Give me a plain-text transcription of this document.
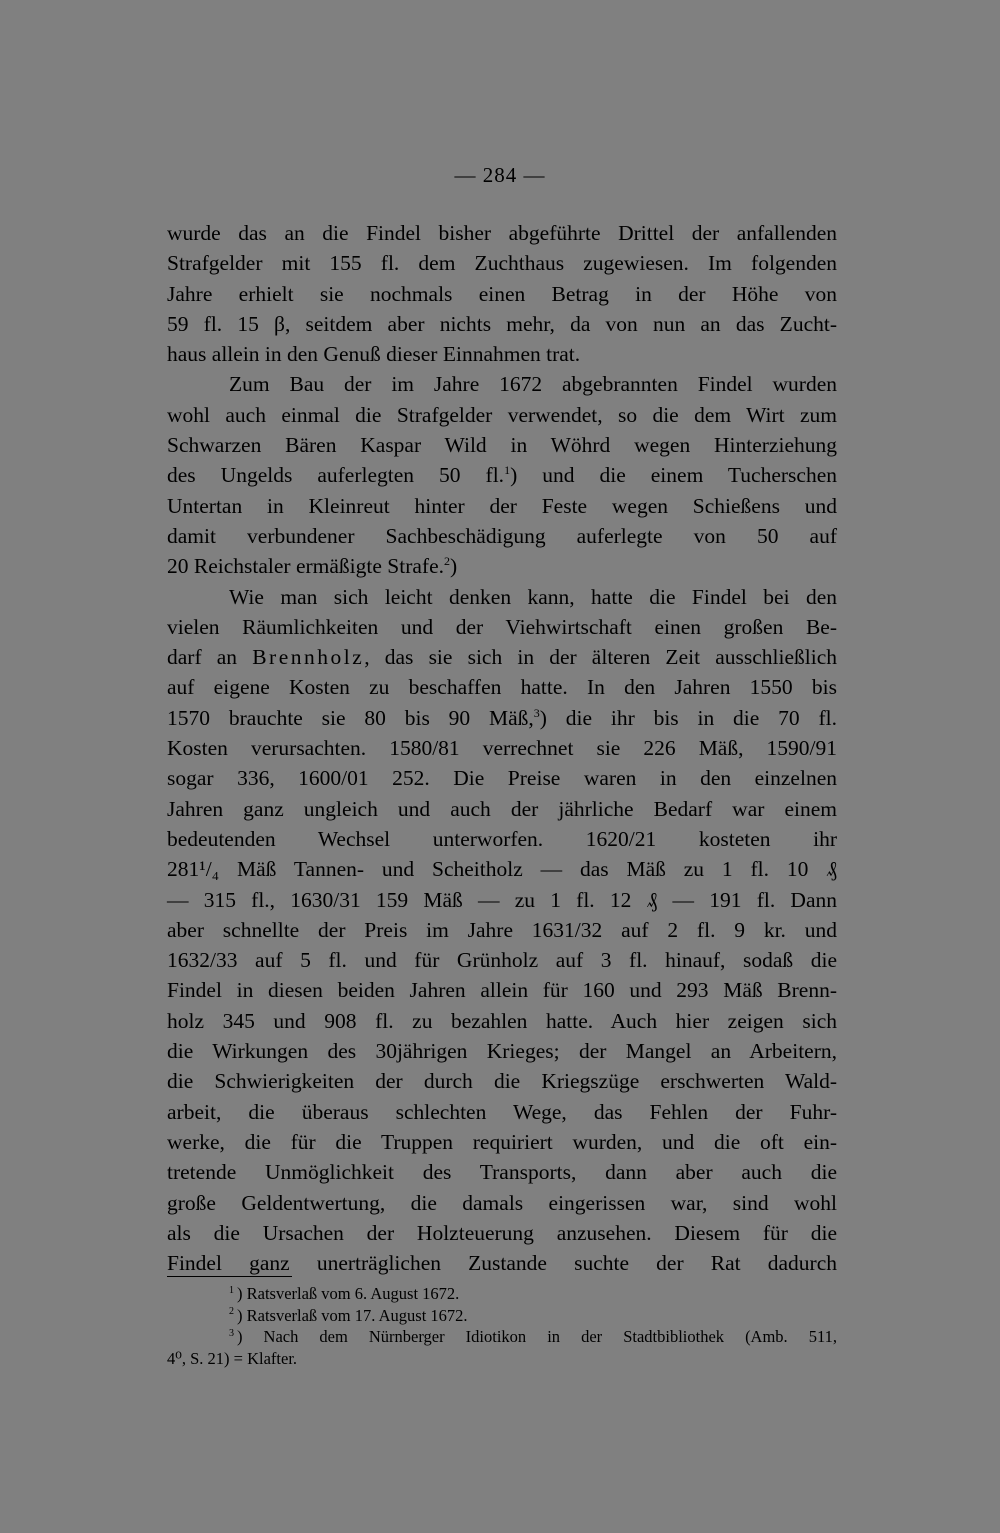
— 284 —
wurde das an die Findel bisher abgeführte Drittel der anfallenden
Strafgelder mit 155 fl. dem Zuchthaus zugewiesen. Im folgenden
Jahre erhielt sie nochmals einen Betrag in der Höhe von
59 fl. 15 β, seitdem aber nichts mehr, da von nun an das Zucht-
haus allein in den Genuß dieser Einnahmen trat.
Zum Bau der im Jahre 1672 abgebrannten Findel wurden
wohl auch einmal die Strafgelder verwendet, so die dem Wirt zum
Schwarzen Bären Kaspar Wild in Wöhrd wegen Hinterziehung
des Ungelds auferlegten 50 fl.$^1$) und die einem Tucherschen
Untertan in Kleinreut hinter der Feste wegen Schießens und
damit verbundener Sachbeschädigung auferlegte von 50 auf
20 Reichstaler ermäßigte Strafe.$^2$)
Wie man sich leicht denken kann, hatte die Findel bei den
vielen Räumlichkeiten und der Viehwirtschaft einen großen Be-
darf an Brennholz, das sie sich in der älteren Zeit ausschließlich
auf eigene Kosten zu beschaffen hatte. In den Jahren 1550 bis
1570 brauchte sie 80 bis 90 Mäß,$^3$) die ihr bis in die 70 fl.
Kosten verursachten. 1580/81 verrechnet sie 226 Mäß, 1590/91
sogar 336, 1600/01 252. Die Preise waren in den einzelnen
Jahren ganz ungleich und auch der jährliche Bedarf war einem
bedeutenden Wechsel unterworfen. 1620/21 kosteten ihr
281¹/₄ Mäß Tannen- und Scheitholz — das Mäß zu 1 fl. 10 ₰
— 315 fl., 1630/31 159 Mäß — zu 1 fl. 12 ₰ — 191 fl. Dann
aber schnellte der Preis im Jahre 1631/32 auf 2 fl. 9 kr. und
1632/33 auf 5 fl. und für Grünholz auf 3 fl. hinauf, sodaß die
Findel in diesen beiden Jahren allein für 160 und 293 Mäß Brenn-
holz 345 und 908 fl. zu bezahlen hatte. Auch hier zeigen sich
die Wirkungen des 30jährigen Krieges; der Mangel an Arbeitern,
die Schwierigkeiten der durch die Kriegszüge erschwerten Wald-
arbeit, die überaus schlechten Wege, das Fehlen der Fuhr-
werke, die für die Truppen requiriert wurden, und die oft ein-
tretende Unmöglichkeit des Transports, dann aber auch die
große Geldentwertung, die damals eingerissen war, sind wohl
als die Ursachen der Holzteuerung anzusehen. Diesem für die
Findel ganz unerträglichen Zustande suchte der Rat dadurch
$^1$ ) Ratsverlaß vom 6. August 1672.
$^2$ ) Ratsverlaß vom 17. August 1672.
$^3$ ) Nach dem Nürnberger Idiotikon in der Stadtbibliothek (Amb. 511,
4⁰, S. 21) = Klafter.
